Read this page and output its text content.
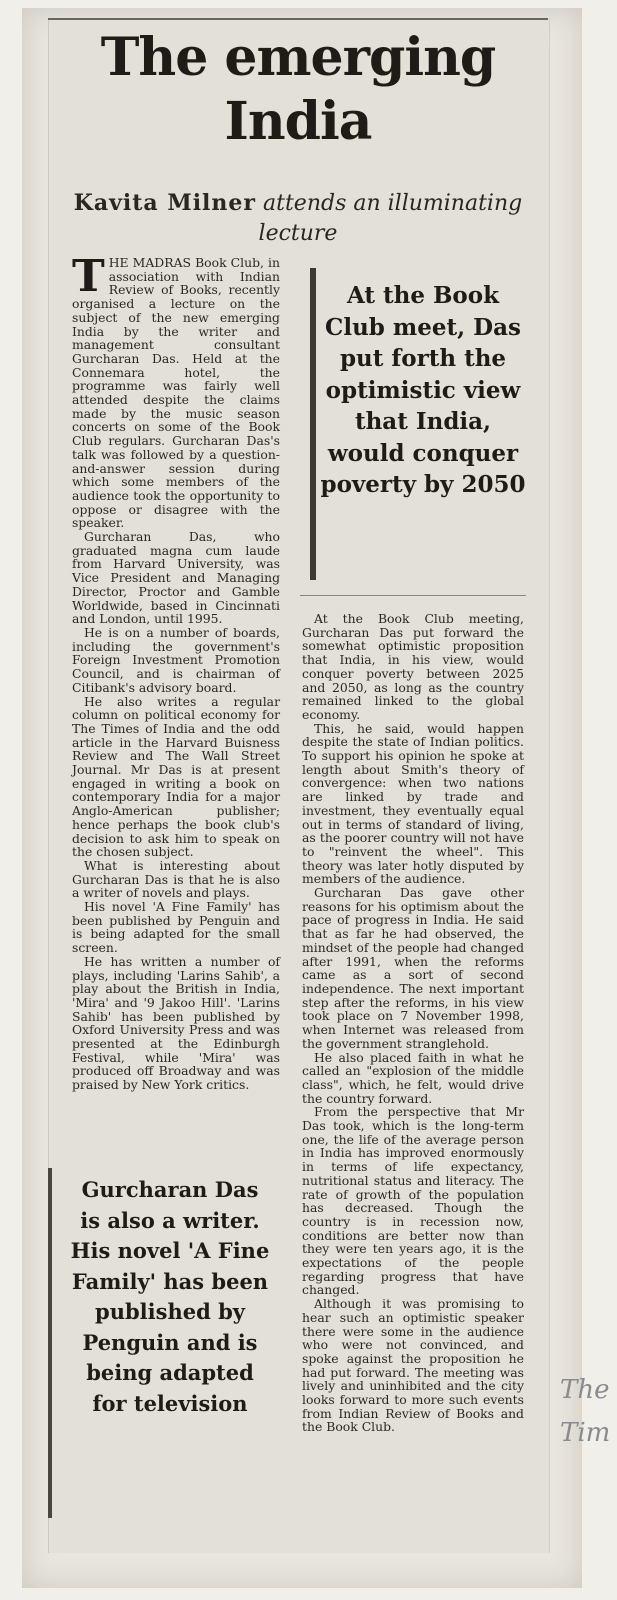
The emerging
India
Kavita Milner attends an illuminating lecture

THE MADRAS Book Club, in association with Indian Review of Books, recently organised a lecture on the subject of the new emerging India by the writer and management consultant Gurcharan Das. Held at the Connemara hotel, the programme was fairly well attended despite the claims made by the music season concerts on some of the Book Club regulars. Gurcharan Das's talk was followed by a question-and-answer session during which some members of the audience took the opportunity to oppose or disagree with the speaker.

Gurcharan Das, who graduated magna cum laude from Harvard University, was Vice President and Managing Director, Proctor and Gamble Worldwide, based in Cincinnati and London, until 1995.

He is on a number of boards, including the government's Foreign Investment Promotion Council, and is chairman of Citibank's advisory board.

He also writes a regular column on political economy for The Times of India and the odd article in the Harvard Buisness Review and The Wall Street Journal. Mr Das is at present engaged in writing a book on contemporary India for a major Anglo-American publisher; hence perhaps the book club's decision to ask him to speak on the chosen subject.

What is interesting about Gurcharan Das is that he is also a writer of novels and plays.

His novel 'A Fine Family' has been published by Penguin and is being adapted for the small screen.

He has written a number of plays, including 'Larins Sahib', a play about the British in India, 'Mira' and '9 Jakoo Hill'. 'Larins Sahib' has been published by Oxford University Press and was presented at the Edinburgh Festival, while 'Mira' was produced off Broadway and was praised by New York critics.

At the Book Club meet, Das put forth the optimistic view that India, would conquer poverty by 2050

At the Book Club meeting, Gurcharan Das put forward the somewhat optimistic proposition that India, in his view, would conquer poverty between 2025 and 2050, as long as the country remained linked to the global economy.

This, he said, would happen despite the state of Indian politics. To support his opinion he spoke at length about Smith's theory of convergence: when two nations are linked by trade and investment, they eventually equal out in terms of standard of living, as the poorer country will not have to "reinvent the wheel". This theory was later hotly disputed by members of the audience.

Gurcharan Das gave other reasons for his optimism about the pace of progress in India. He said that as far he had observed, the mindset of the people had changed after 1991, when the reforms came as a sort of second independence. The next important step after the reforms, in his view took place on 7 November 1998, when Internet was released from the government stranglehold.

He also placed faith in what he called an "explosion of the middle class", which, he felt, would drive the country forward.

From the perspective that Mr Das took, which is the long-term one, the life of the average person in India has improved enormously in terms of life expectancy, nutritional status and literacy. The rate of growth of the population has decreased. Though the country is in recession now, conditions are better now than they were ten years ago, it is the expectations of the people regarding progress that have changed.

Although it was promising to hear such an optimistic speaker there were some in the audience who were not convinced, and spoke against the proposition he had put forward. The meeting was lively and uninhibited and the city looks forward to more such events from Indian Review of Books and the Book Club.

Gurcharan Das is also a writer. His novel 'A Fine Family' has been published by Penguin and is being adapted for television	The
Tim
